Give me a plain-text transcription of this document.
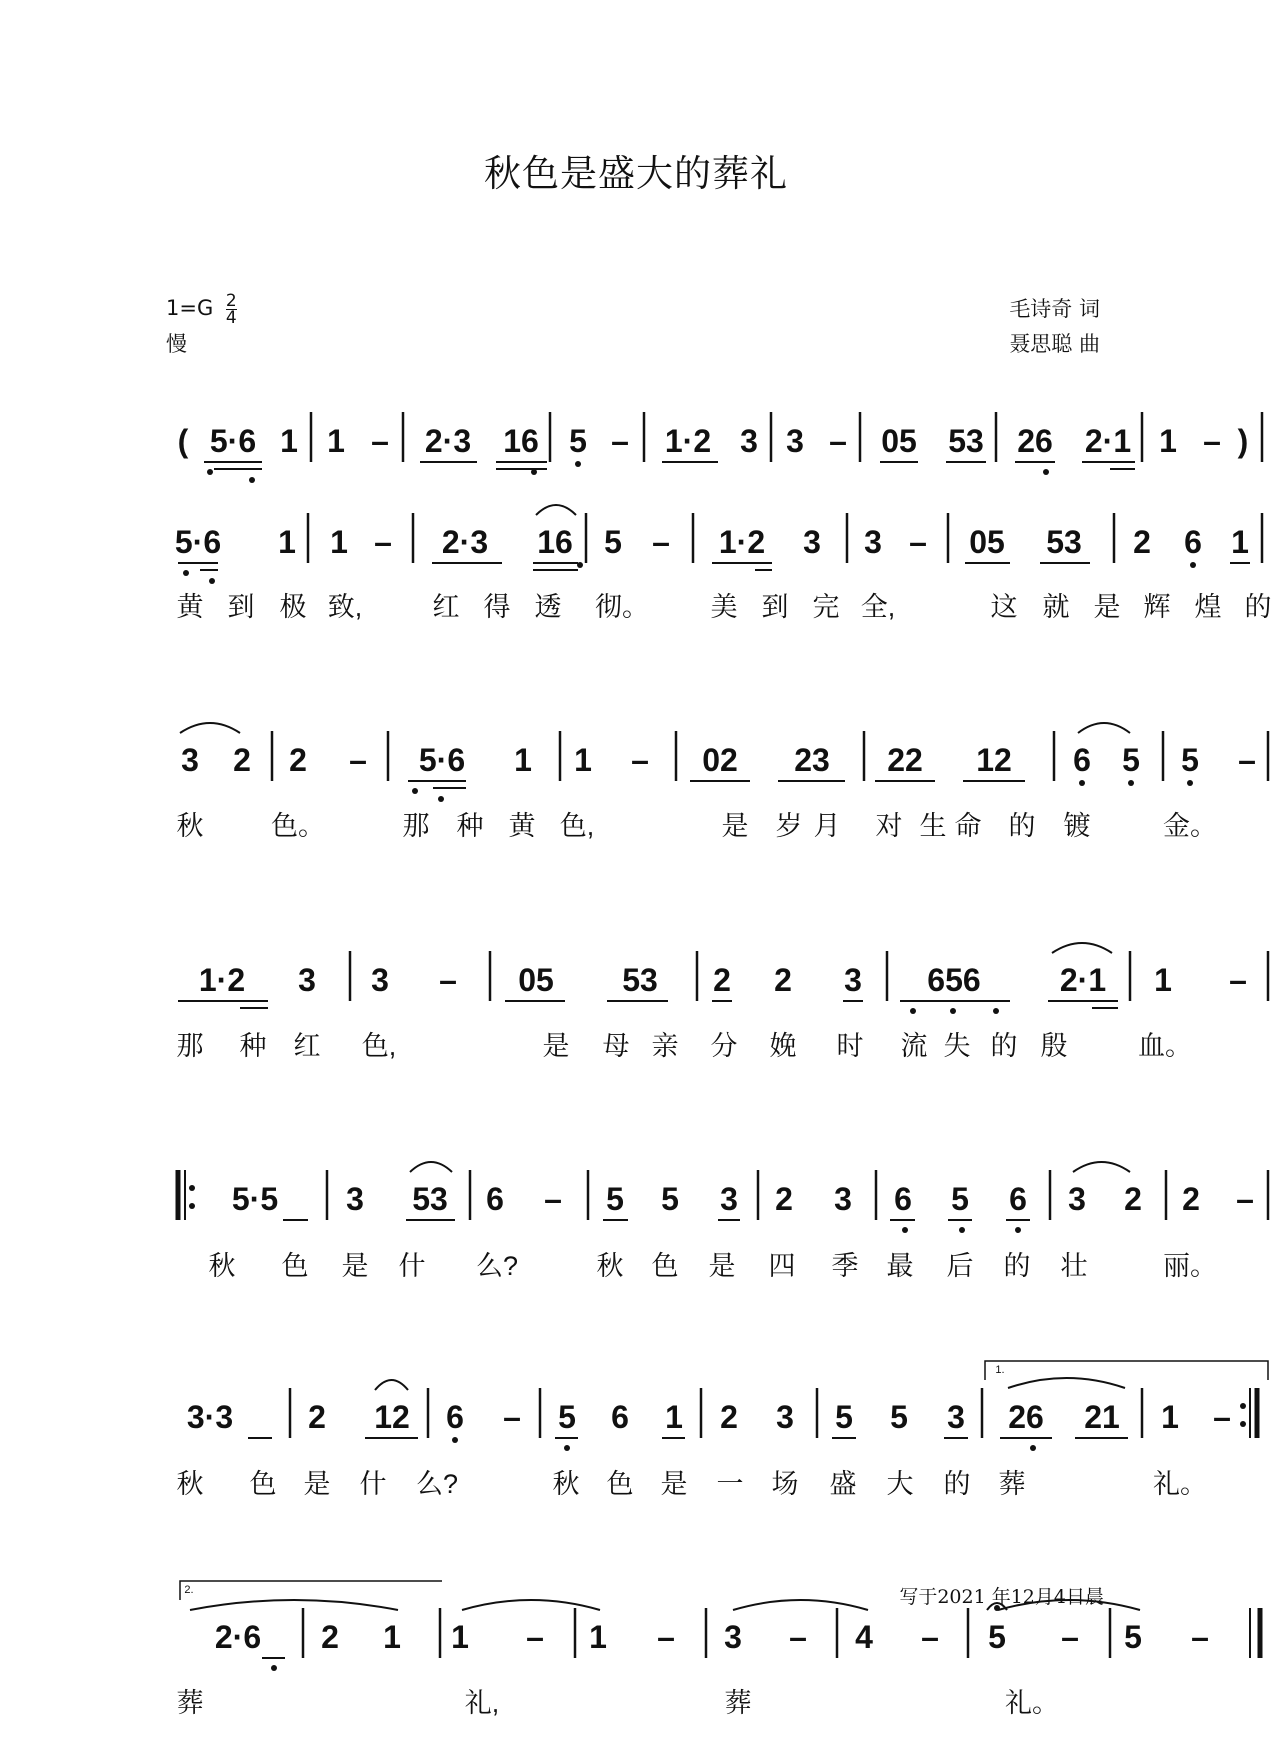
秋色是盛大的葬礼
$1=G \frac{2}{4}$
慢
毛诗奇 词
聂思聪 曲
( 5·6 1 1 – 2·3 16 5 – 1·2 3 3 – 05 53 26 2·1 1 – )
5·6 1 1 – 2·3 16 5 – 1·2 3 3 – 05 53 2 6 1
黄 到 极 致,	红 得 透 彻。 美 到 完 全,	这 就 是 辉 煌 的
3 2 2 – 5·6 1 1 – 02 23 22 12 6 5 5 –
秋	色。	那 种 黄 色,	是 岁 月 对 生 命 的 镀	金。
1·2 3 3 – 05 53 2 2 3 656 2·1 1 –
那 种 红 色,	是 母 亲 分 娩 时 流 失 的 殷	血。
5·5 3 53 6 – 5 5 3 2 3 6 5 6 3 2 2 –
秋 色 是 什 么?	秋 色 是 四 季 最 后 的 壮	丽。
1.
3·3 2 12 6 – 5 6 1 2 3 5 5 3 26 21 1 –
秋 色 是 什 么?	秋 色 是 一 场 盛 大 的 葬	礼。
2.
2·6 2 1 1 – 1 – 3 – 4 – 5 – 5 –
葬	礼,	葬	礼。
写于2021 年12月4日晨
